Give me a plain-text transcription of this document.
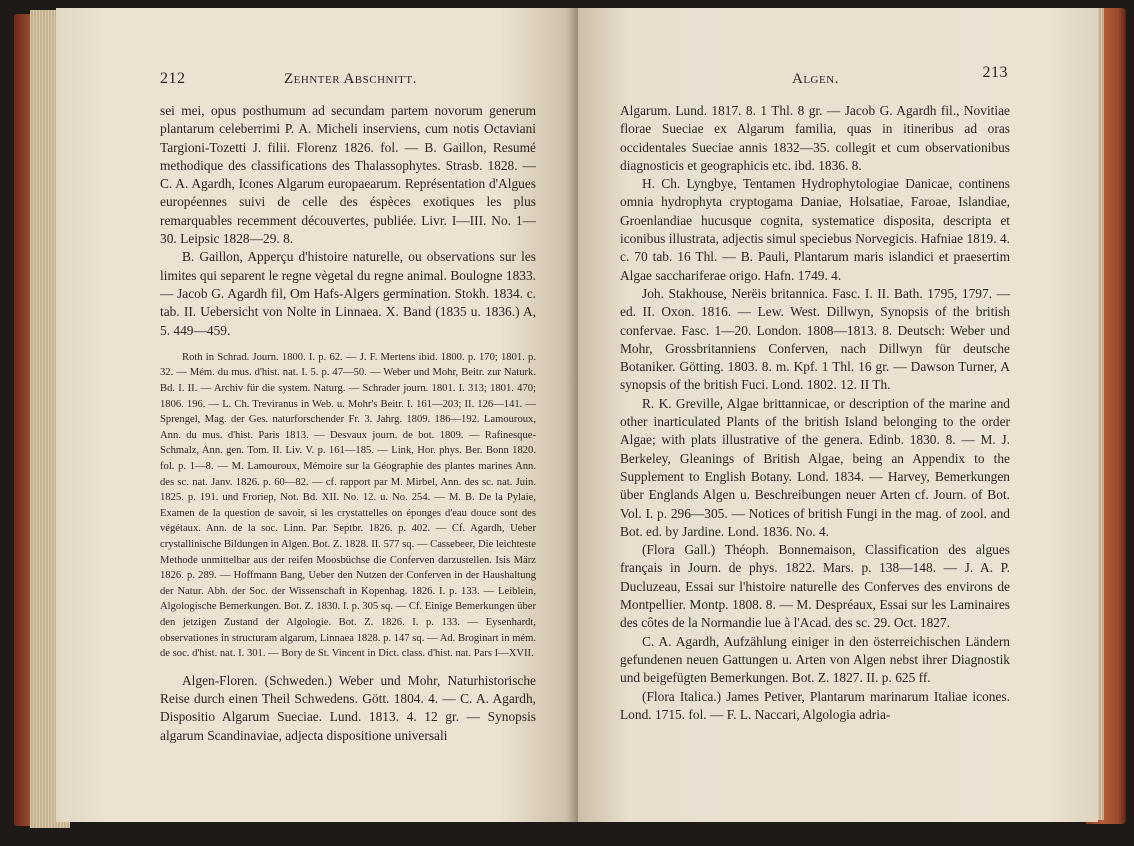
212	Zehnter Abschnitt.

sei mei, opus posthumum ad secundam partem novorum generum plantarum celeberrimi P. A. Micheli inserviens, cum notis Octaviani Targioni-Tozetti J. filii. Florenz 1826. fol. — B. Gaillon, Resumé methodique des classifications des Thalassophytes. Strasb. 1828. — C. A. Agardh, Icones Algarum europaearum. Représentation d'Algues européennes suivi de celle des éspèces exotiques les plus remarquables recemment découvertes, publiée. Livr. I—III. No. 1—30. Leipsic 1828—29. 8.

B. Gaillon, Apperçu d'histoire naturelle, ou observations sur les limites qui separent le regne vègetal du regne animal. Boulogne 1833. — Jacob G. Agardh fil, Om Hafs-Algers germination. Stokh. 1834. c. tab. II. Uebersicht von Nolte in Linnaea. X. Band (1835 u. 1836.) A, 5. 449—459.

Roth in Schrad. Journ. 1800. I. p. 62. — J. F. Mertens ibid. 1800. p. 170; 1801. p. 32. — Mém. du mus. d'hist. nat. I. 5. p. 47—50. — Weber und Mohr, Beitr. zur Naturk. Bd. I. II. — Archiv für die system. Naturg. — Schrader journ. 1801. I. 313; 1801. 470; 1806. 196. — L. Ch. Treviranus in Web. u. Mohr's Beitr. I. 161—203; II. 126—141. — Sprengel, Mag. der Ges. naturforschender Fr. 3. Jahrg. 1809. 186—192. Lamouroux, Ann. du mus. d'hist. Paris 1813. — Desvaux journ. de bot. 1809. — Rafinesque-Schmalz, Ann. gen. Tom. II. Liv. V. p. 161—185. — Link, Hor. phys. Ber. Bonn 1820. fol. p. 1—8. — M. Lamouroux, Mémoire sur la Géographie des plantes marines Ann. des sc. nat. Janv. 1826. p. 60—82. — cf. rapport par M. Mirbel, Ann. des sc. nat. Juin. 1825. p. 191. und Froriep, Not. Bd. XII. No. 12. u. No. 254. — M. B. De la Pylaie, Examen de la question de savoir, si les crystattelles on éponges d'eau douce sont des végétaux. Ann. de la soc. Linn. Par. Septbr. 1826. p. 402. — Cf. Agardh, Ueber crystallinische Bildungen in Algen. Bot. Z. 1828. II. 577 sq. — Cassebeer, Die leichteste Methode unmittelbar aus der reifen Moosbüchse die Conferven darzustellen. Isis März 1826. p. 289. — Hoffmann Bang, Ueber den Nutzen der Conferven in der Haushaltung der Natur. Abh. der Soc. der Wissenschaft in Kopenhag. 1826. I. p. 133. — Leiblein, Algologische Bemerkungen. Bot. Z. 1830. I. p. 305 sq. — Cf. Einige Bemerkungen über den jetzigen Zustand der Algologie. Bot. Z. 1826. I. p. 133. — Eysenhardt, observationes in structuram algarum, Linnaea 1828. p. 147 sq. — Ad. Broginart in mém. de soc. d'hist. nat. I. 301. — Bory de St. Vincent in Dict. class. d'hist. nat. Pars I—XVII.

Algen-Floren. (Schweden.) Weber und Mohr, Naturhistorische Reise durch einen Theil Schwedens. Gött. 1804. 4. — C. A. Agardh, Dispositio Algarum Sueciae. Lund. 1813. 4. 12 gr. — Synopsis algarum Scandinaviae, adjecta dispositione universali

Algen.	213

Algarum. Lund. 1817. 8. 1 Thl. 8 gr. — Jacob G. Agardh fil., Novitiae florae Sueciae ex Algarum familia, quas in itineribus ad oras occidentales Sueciae annis 1832—35. collegit et cum observationibus diagnosticis et geographicis etc. ibd. 1836. 8.

H. Ch. Lyngbye, Tentamen Hydrophytologiae Danicae, continens omnia hydrophyta cryptogama Daniae, Holsatiae, Faroae, Islandiae, Groenlandiae hucusque cognita, systematice disposita, descripta et iconibus illustrata, adjectis simul speciebus Norvegicis. Hafniae 1819. 4. c. 70 tab. 16 Thl. — B. Pauli, Plantarum maris islandici et praesertim Algae sacchariferae origo. Hafn. 1749. 4.

Joh. Stakhouse, Nerëis britannica. Fasc. I. II. Bath. 1795, 1797. — ed. II. Oxon. 1816. — Lew. West. Dillwyn, Synopsis of the british confervae. Fasc. 1—20. London. 1808—1813. 8. Deutsch: Weber und Mohr, Grossbritanniens Conferven, nach Dillwyn für deutsche Botaniker. Götting. 1803. 8. m. Kpf. 1 Thl. 16 gr. — Dawson Turner, A synopsis of the british Fuci. Lond. 1802. 12. II Th.

R. K. Greville, Algae brittannicae, or description of the marine and other inarticulated Plants of the british Island belonging to the order Algae; with plats illustrative of the genera. Edinb. 1830. 8. — M. J. Berkeley, Gleanings of British Algae, being an Appendix to the Supplement to English Botany. Lond. 1834. — Harvey, Bemerkungen über Englands Algen u. Beschreibungen neuer Arten cf. Journ. of Bot. Vol. I. p. 296—305. — Notices of british Fungi in the mag. of zool. and Bot. ed. by Jardine. Lond. 1836. No. 4.

(Flora Gall.) Théoph. Bonnemaison, Classification des algues français in Journ. de phys. 1822. Mars. p. 138—148. — J. A. P. Ducluzeau, Essai sur l'histoire naturelle des Conferves des environs de Montpellier. Montp. 1808. 8. — M. Despréaux, Essai sur les Laminaires des côtes de la Normandie lue à l'Acad. des sc. 29. Oct. 1827.

C. A. Agardh, Aufzählung einiger in den österreichischen Ländern gefundenen neuen Gattungen u. Arten von Algen nebst ihrer Diagnostik und beigefügten Bemerkungen. Bot. Z. 1827. II. p. 625 ff.

(Flora Italica.) James Petiver, Plantarum marinarum Italiae icones. Lond. 1715. fol. — F. L. Naccari, Algologia adria-
